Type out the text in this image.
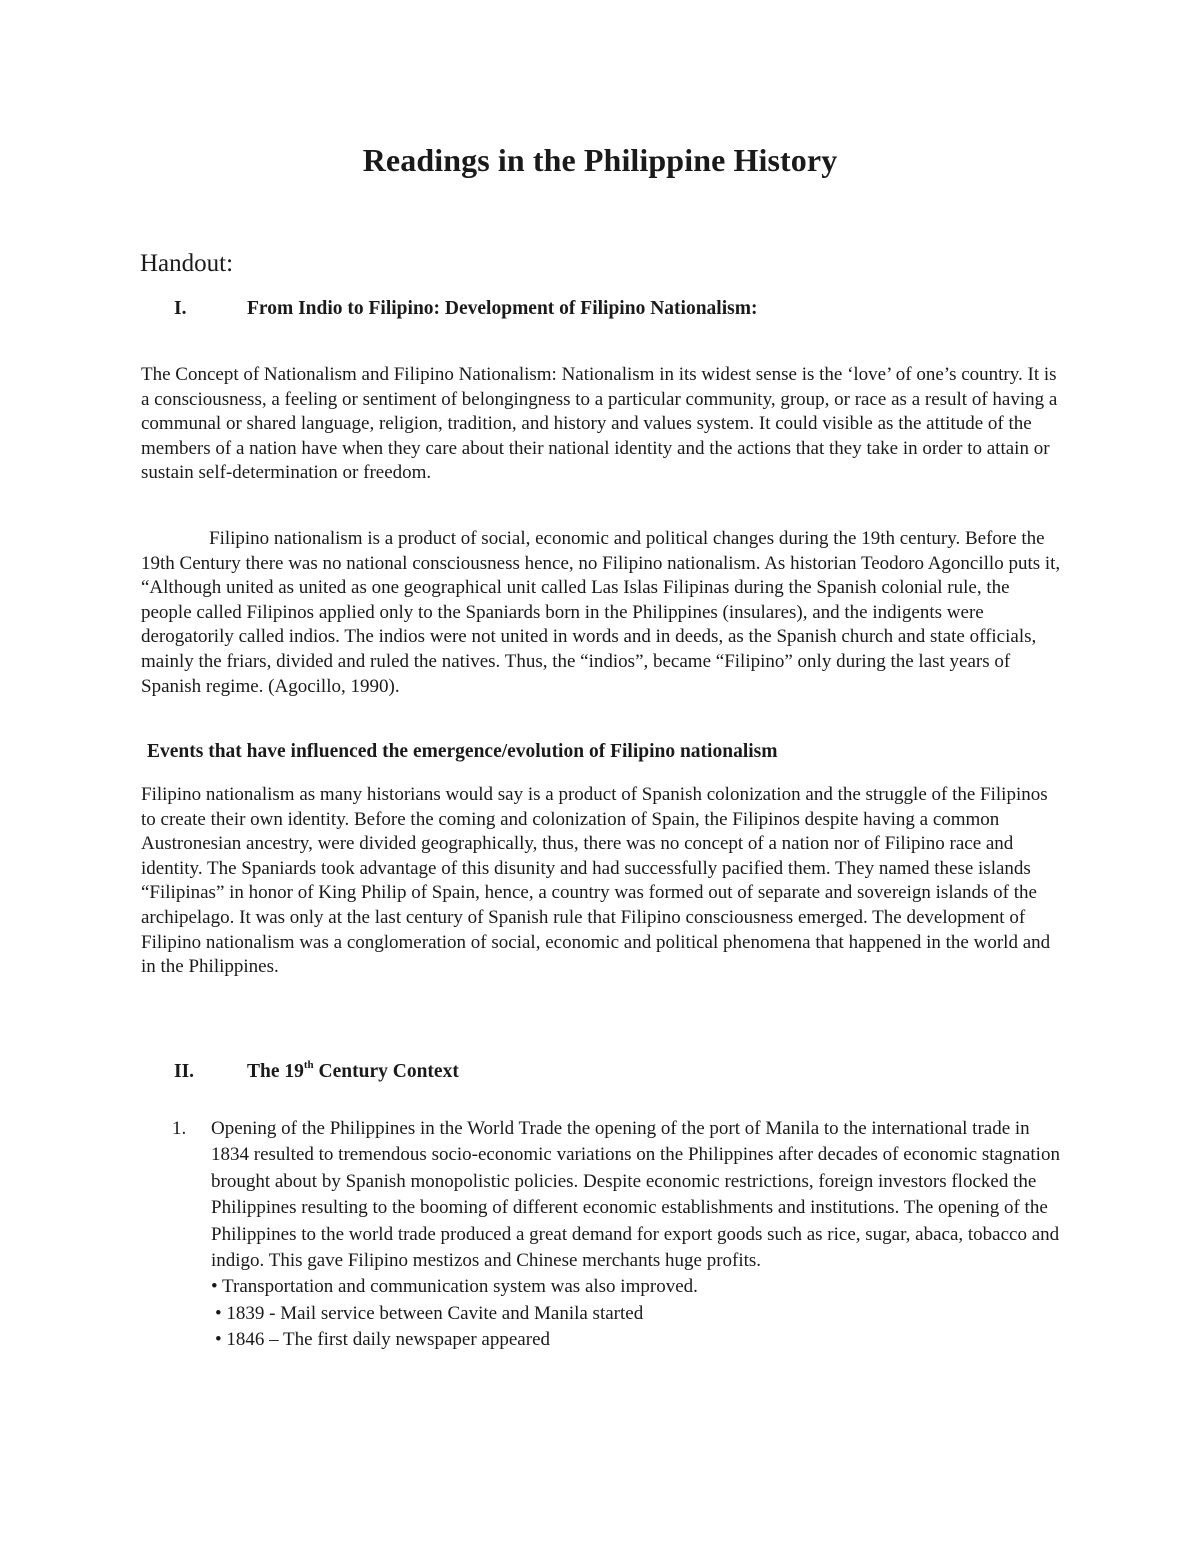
Readings in the Philippine History
Handout:
I.	From Indio to Filipino: Development of Filipino Nationalism:

The Concept of Nationalism and Filipino Nationalism: Nationalism in its widest sense is the ‘love’ of one’s country. It is a consciousness, a feeling or sentiment of belongingness to a particular community, group, or race as a result of having a communal or shared language, religion, tradition, and history and values system. It could visible as the attitude of the members of a nation have when they care about their national identity and the actions that they take in order to attain or sustain self-determination or freedom.

Filipino nationalism is a product of social, economic and political changes during the 19th century. Before the 19th Century there was no national consciousness hence, no Filipino nationalism. As historian Teodoro Agoncillo puts it, “Although united as united as one geographical unit called Las Islas Filipinas during the Spanish colonial rule, the people called Filipinos applied only to the Spaniards born in the Philippines (insulares), and the indigents were derogatorily called indios. The indios were not united in words and in deeds, as the Spanish church and state officials, mainly the friars, divided and ruled the natives. Thus, the “indios”, became “Filipino” only during the last years of Spanish regime. (Agocillo, 1990).

Events that have influenced the emergence/evolution of Filipino nationalism

Filipino nationalism as many historians would say is a product of Spanish colonization and the struggle of the Filipinos to create their own identity. Before the coming and colonization of Spain, the Filipinos despite having a common Austronesian ancestry, were divided geographically, thus, there was no concept of a nation nor of Filipino race and identity. The Spaniards took advantage of this disunity and had successfully pacified them. They named these islands “Filipinas” in honor of King Philip of Spain, hence, a country was formed out of separate and sovereign islands of the archipelago. It was only at the last century of Spanish rule that Filipino consciousness emerged. The development of Filipino nationalism was a conglomeration of social, economic and political phenomena that happened in the world and in the Philippines.

II.	The 19th Century Context
1. Opening of the Philippines in the World Trade the opening of the port of Manila to the international trade in 1834 resulted to tremendous socio-economic variations on the Philippines after decades of economic stagnation brought about by Spanish monopolistic policies. Despite economic restrictions, foreign investors flocked the Philippines resulting to the booming of different economic establishments and institutions. The opening of the Philippines to the world trade produced a great demand for export goods such as rice, sugar, abaca, tobacco and indigo. This gave Filipino mestizos and Chinese merchants huge profits.
• Transportation and communication system was also improved.
• 1839 - Mail service between Cavite and Manila started
• 1846 – The first daily newspaper appeared
